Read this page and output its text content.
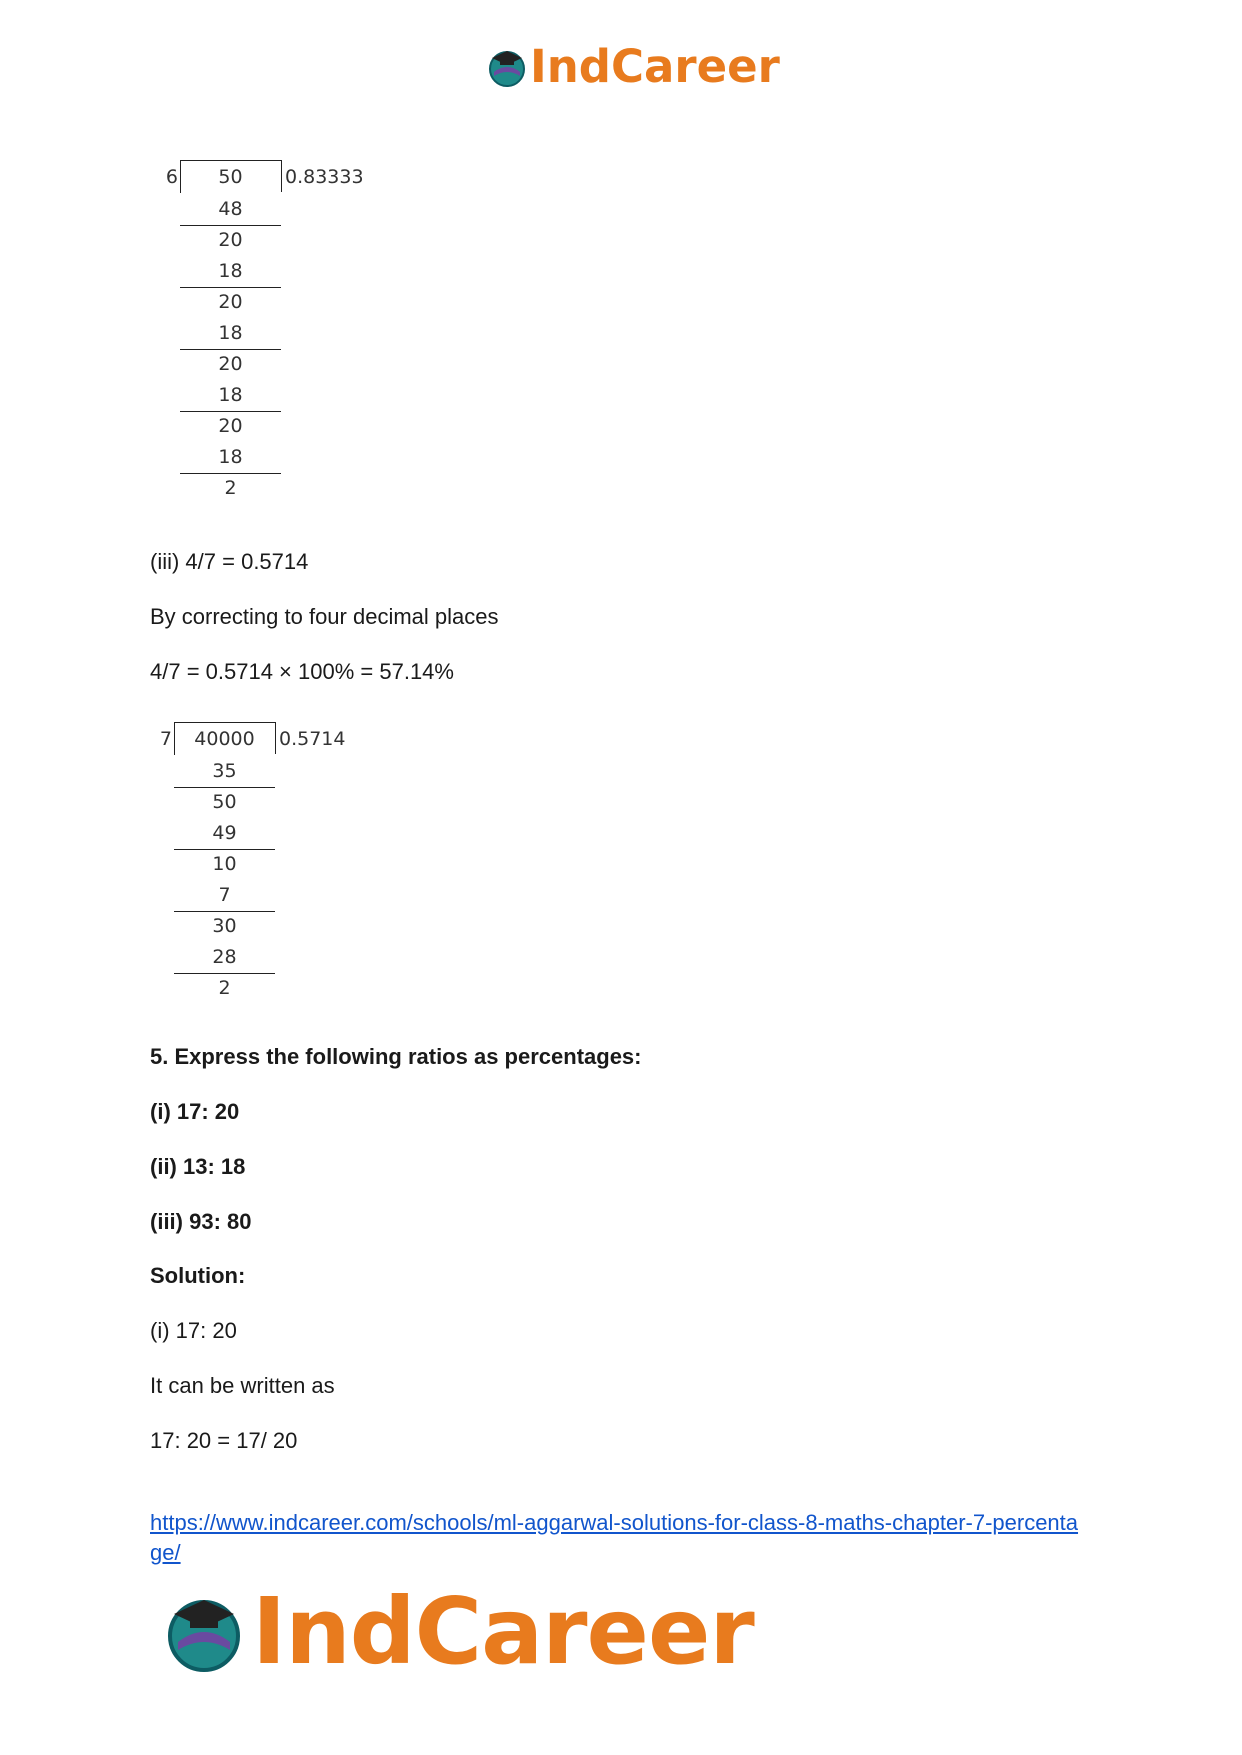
IndCareer
6	50	0.83333
48
20
18
20
18
20
18
20
18
2
(iii) 4/7 = 0.5714
By correcting to four decimal places
4/7 = 0.5714 × 100% = 57.14%
7	40000	0.5714
35
50
49
10
7
30
28
2
5. Express the following ratios as percentages:
(i) 17: 20
(ii) 13: 18
(iii) 93: 80
Solution:
(i) 17: 20
It can be written as
17: 20 = 17/ 20
https://www.indcareer.com/schools/ml-aggarwal-solutions-for-class-8-maths-chapter-7-percentage/
IndCareer
